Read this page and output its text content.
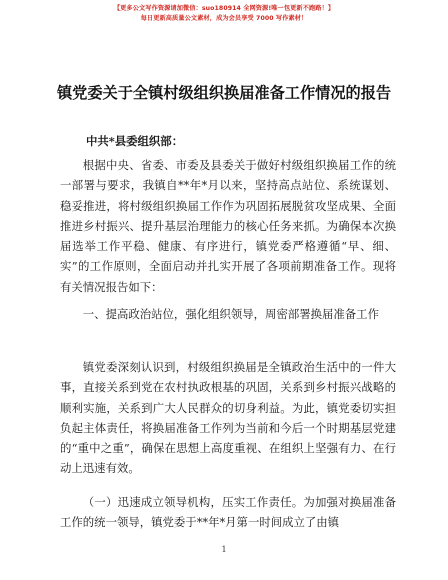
【更多公文写作资源请加微信：suo180914 全网资源!唯一包更新不跑路！】
每日更新高质量公文素材，成为会员享受 7000 写作素材！
镇党委关于全镇村级组织换届准备工作情况的报告
中共*县委组织部：
根据中央、省委、市委及县委关于做好村级组织换届工作的统一部署与要求，我镇自**年*月以来，坚持高点站位、系统谋划、稳妥推进，将村级组织换届工作作为巩固拓展脱贫攻坚成果、全面推进乡村振兴、提升基层治理能力的核心任务来抓。为确保本次换届选举工作平稳、健康、有序进行，镇党委严格遵循“早、细、实”的工作原则，全面启动并扎实开展了各项前期准备工作。现将有关情况报告如下：
一、提高政治站位，强化组织领导，周密部署换届准备工作
镇党委深刻认识到，村级组织换届是全镇政治生活中的一件大事，直接关系到党在农村执政根基的巩固，关系到乡村振兴战略的顺利实施，关系到广大人民群众的切身利益。为此，镇党委切实担负起主体责任，将换届准备工作列为当前和今后一个时期基层党建的“重中之重”，确保在思想上高度重视、在组织上坚强有力、在行动上迅速有效。
（一）迅速成立领导机构，压实工作责任。为加强对换届准备工作的统一领导，镇党委于**年*月第一时间成立了由镇
1
